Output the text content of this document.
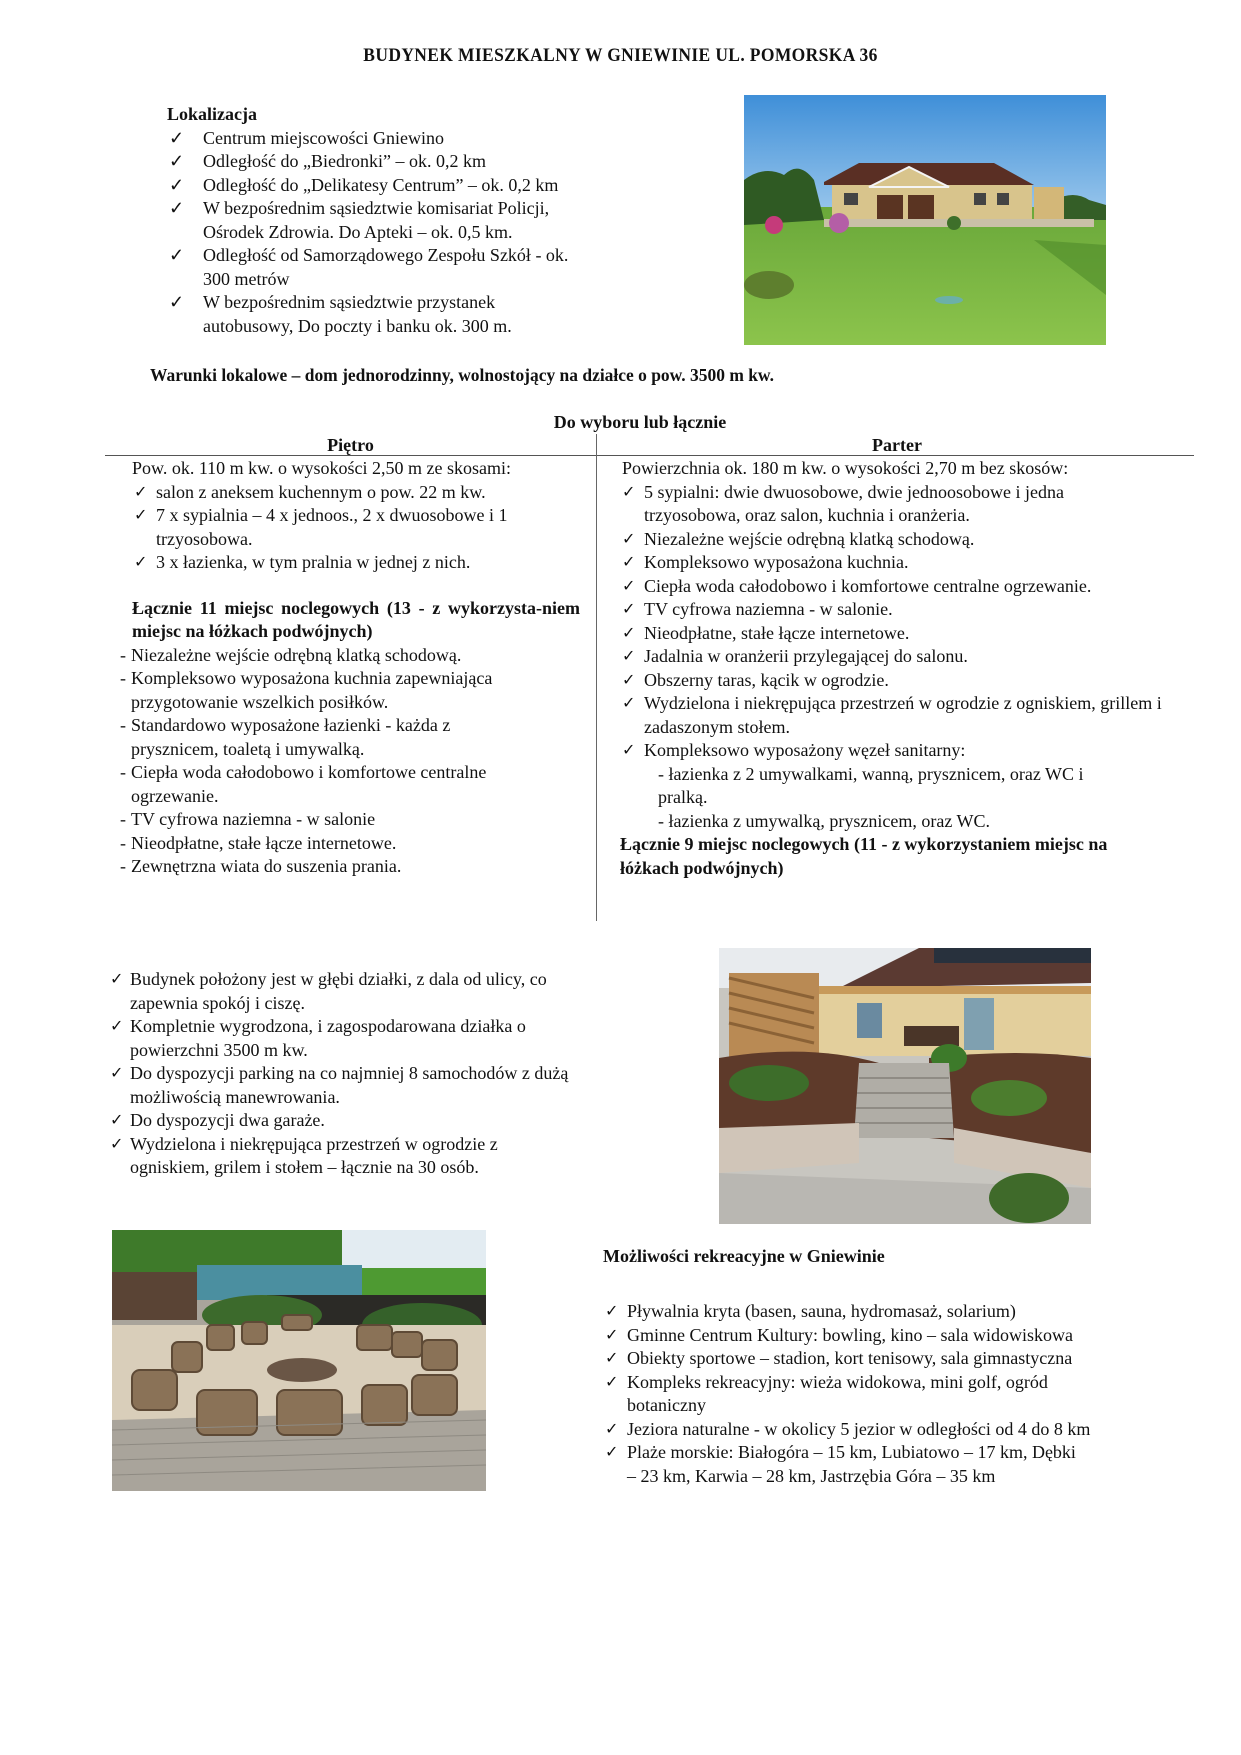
BUDYNEK MIESZKALNY W GNIEWINIE UL. POMORSKA 36
Lokalizacja
✓ Centrum miejscowości Gniewino
✓ Odległość do „Biedronki” – ok. 0,2 km
✓ Odległość do „Delikatesy Centrum” – ok. 0,2 km
✓ W bezpośrednim sąsiedztwie komisariat Policji, Ośrodek Zdrowia. Do Apteki – ok. 0,5 km.
✓ Odległość od Samorządowego Zespołu Szkół - ok. 300 metrów
✓ W bezpośrednim sąsiedztwie przystanek autobusowy, Do poczty i banku ok. 300 m.
Warunki lokalowe – dom jednorodzinny, wolnostojący na działce o pow. 3500 m kw.
Do wyboru lub łącznie
Piętro	Parter

Pow. ok. 110 m kw. o wysokości 2,50 m ze skosami:

✓ salon z aneksem kuchennym o pow. 22 m kw.
✓ 7 x sypialnia – 4 x jednoos., 2 x dwuosobowe i 1 trzyosobowa.
✓ 3 x łazienka, w tym pralnia w jednej z nich.

Łącznie 11 miejsc noclegowych (13 - z wykorzysta-niem miejsc na łóżkach podwójnych)

- Niezależne wejście odrębną klatką schodową.
- Kompleksowo wyposażona kuchnia zapewniająca przygotowanie wszelkich posiłków.
- Standardowo wyposażone łazienki - każda z prysznicem, toaletą i umywalką.
- Ciepła woda całodobowo i komfortowe centralne ogrzewanie.
- TV cyfrowa naziemna - w salonie
- Nieodpłatne, stałe łącze internetowe.
- Zewnętrzna wiata do suszenia prania.

Powierzchnia ok. 180 m kw. o wysokości 2,70 m bez skosów:

✓ 5 sypialni: dwie dwuosobowe, dwie jednoosobowe i jedna trzyosobowa, oraz salon, kuchnia i oranżeria.
✓ Niezależne wejście odrębną klatką schodową.
✓ Kompleksowo wyposażona kuchnia.
✓ Ciepła woda całodobowo i komfortowe centralne ogrzewanie.
✓ TV cyfrowa naziemna - w salonie.
✓ Nieodpłatne, stałe łącze internetowe.
✓ Jadalnia w oranżerii przylegającej do salonu.
✓ Obszerny taras, kącik w ogrodzie.
✓ Wydzielona i niekrępująca przestrzeń w ogrodzie z ogniskiem, grillem i zadaszonym stołem.
✓ Kompleksowo wyposażony węzeł sanitarny:
- łazienka z 2 umywalkami, wanną, prysznicem, oraz WC i pralką.
- łazienka z umywalką, prysznicem, oraz WC.

Łącznie 9 miejsc noclegowych (11 - z wykorzystaniem miejsc na łóżkach podwójnych)

✓ Budynek położony jest w głębi działki, z dala od ulicy, co zapewnia spokój i ciszę.
✓ Kompletnie wygrodzona, i zagospodarowana działka o powierzchni 3500 m kw.
✓ Do dyspozycji parking na co najmniej 8 samochodów z dużą możliwością manewrowania.
✓ Do dyspozycji dwa garaże.
✓ Wydzielona i niekrępująca przestrzeń w ogrodzie z ogniskiem, grilem i stołem – łącznie na 30 osób.
Możliwości rekreacyjne w Gniewinie
✓ Pływalnia kryta (basen, sauna, hydromasaż, solarium)
✓ Gminne Centrum Kultury: bowling, kino – sala widowiskowa
✓ Obiekty sportowe – stadion, kort tenisowy, sala gimnastyczna
✓ Kompleks rekreacyjny: wieża widokowa, mini golf, ogród botaniczny
✓ Jeziora naturalne - w okolicy 5 jezior w odległości od 4 do 8 km
✓ Plaże morskie: Białogóra – 15 km, Lubiatowo – 17 km, Dębki – 23 km, Karwia – 28 km, Jastrzębia Góra – 35 km
